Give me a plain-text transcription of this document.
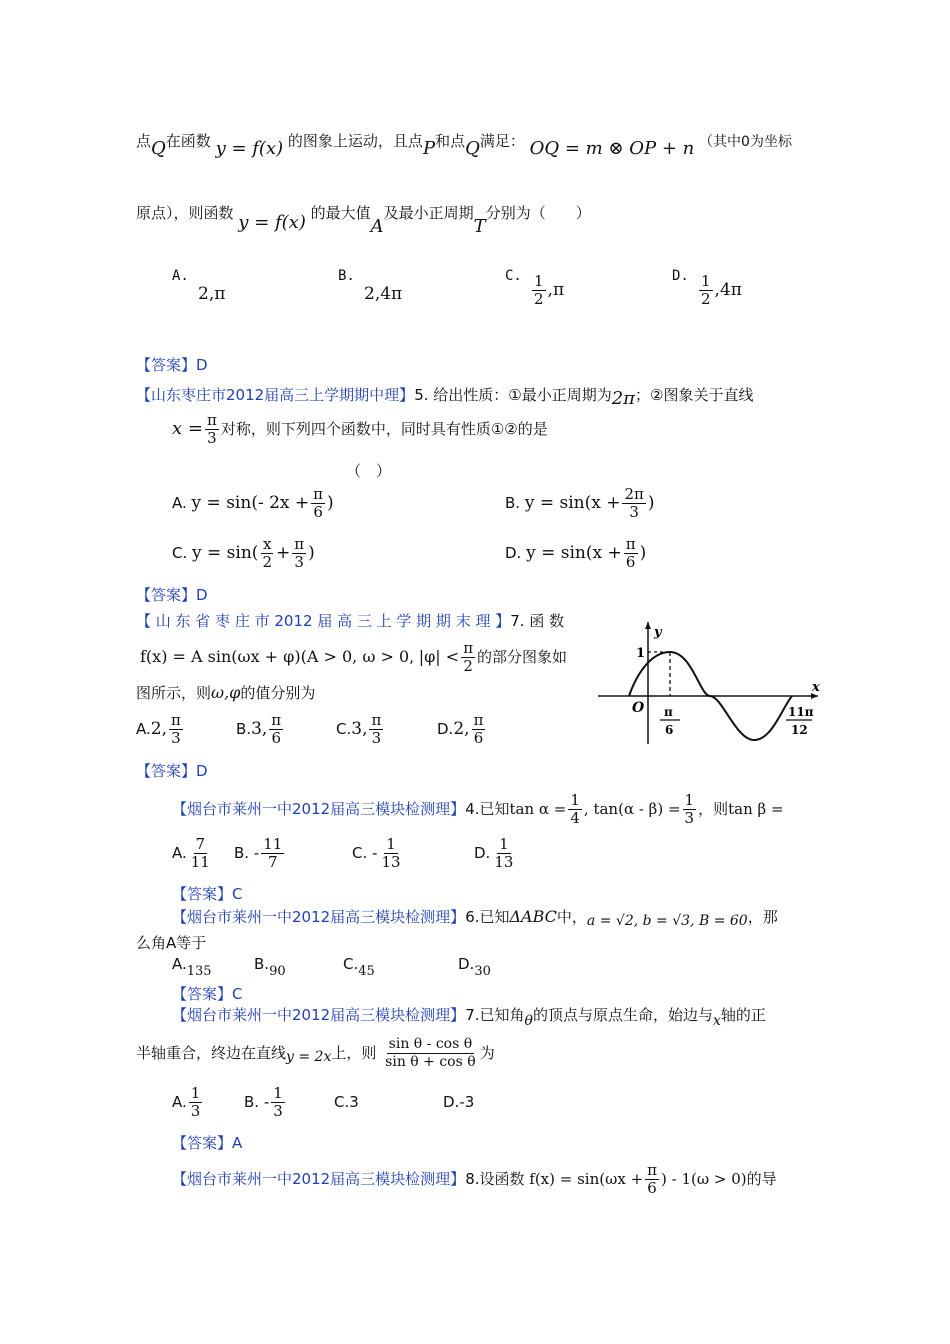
点Q在函数 y = f(x) 的图象上运动，且点P和点Q满足： OQ = m ⊗ OP + n （其中0为坐标
原点），则函数 y = f(x) 的最大值A及最小正周期T分别为（　　）
A.
2,π
B.
2,4π
C. $\frac{1}{2} ,\pi$
D. $\frac{1}{2} ,4\pi$
【答案】D
【山东枣庄市2012届高三上学期期中理】5. 给出性质：①最小正周期为2π；②图象关于直线
$x = \frac{\pi}{3}$ 对称，则下列四个函数中，同时具有性质①②的是
（　）
A. y = sin(- $2x + \frac{\pi}{6}$ )	B. $y = \sin(x + \frac{2\pi}{3}$ )
C. $y = \sin( \frac{x}{2} + \frac{\pi}{3}$ )	D. $y = \sin(x + \frac{\pi}{6}$ )
【答案】D
【 山 东 省 枣 庄 市 2012 届 高 三 上 学 期 期 末 理 】7. 函 数
f(x) = A sin(ωx + φ)(A > 0, ω > 0, $|\varphi| < \frac{\pi}{2}$ 的部分图象如
图所示，则ω,φ的值分别为
A.2, $\frac{\pi}{3}$	B.3, $\frac{\pi}{6}$	C.3, $\frac{\pi}{3}$	D.2, $\frac{\pi}{6}$
【答案】D
y
x
O
1
π
6
11π
12
【烟台市莱州一中2012届高三模块检测理】4.已知$\tan \alpha = \frac{1}{4}$ , $\tan(\alpha - \beta) = \frac{1}{3}$ ，则tan β =
A. $\frac{7}{11} B$. - $\frac{11}{7}$	C. - $\frac{1}{13}$	D. $\frac{1}{13}$
【答案】C
【烟台市莱州一中2012届高三模块检测理】6.已知ΔABC中，a = √2, b = √3, B = 60，那
么角A等于
A.135	B.90	C.45	D.30
【答案】C
【烟台市莱州一中2012届高三模块检测理】7.已知角θ的顶点与原点生命，始边与x轴的正
半轴重合，终边在直线y = 2x上，则 $\frac{\text{sin θ - cos θ}}{\text{sin θ + cos θ}}$ 为
A. $\frac{1}{3}$	B. - $\frac{1}{3}$	C.3	D.-3
【答案】A
【烟台市莱州一中2012届高三模块检测理】8.设函数 $f(x) = \sin(\omega x + \frac{\pi}{6}$ ) - 1(ω > 0)的导
